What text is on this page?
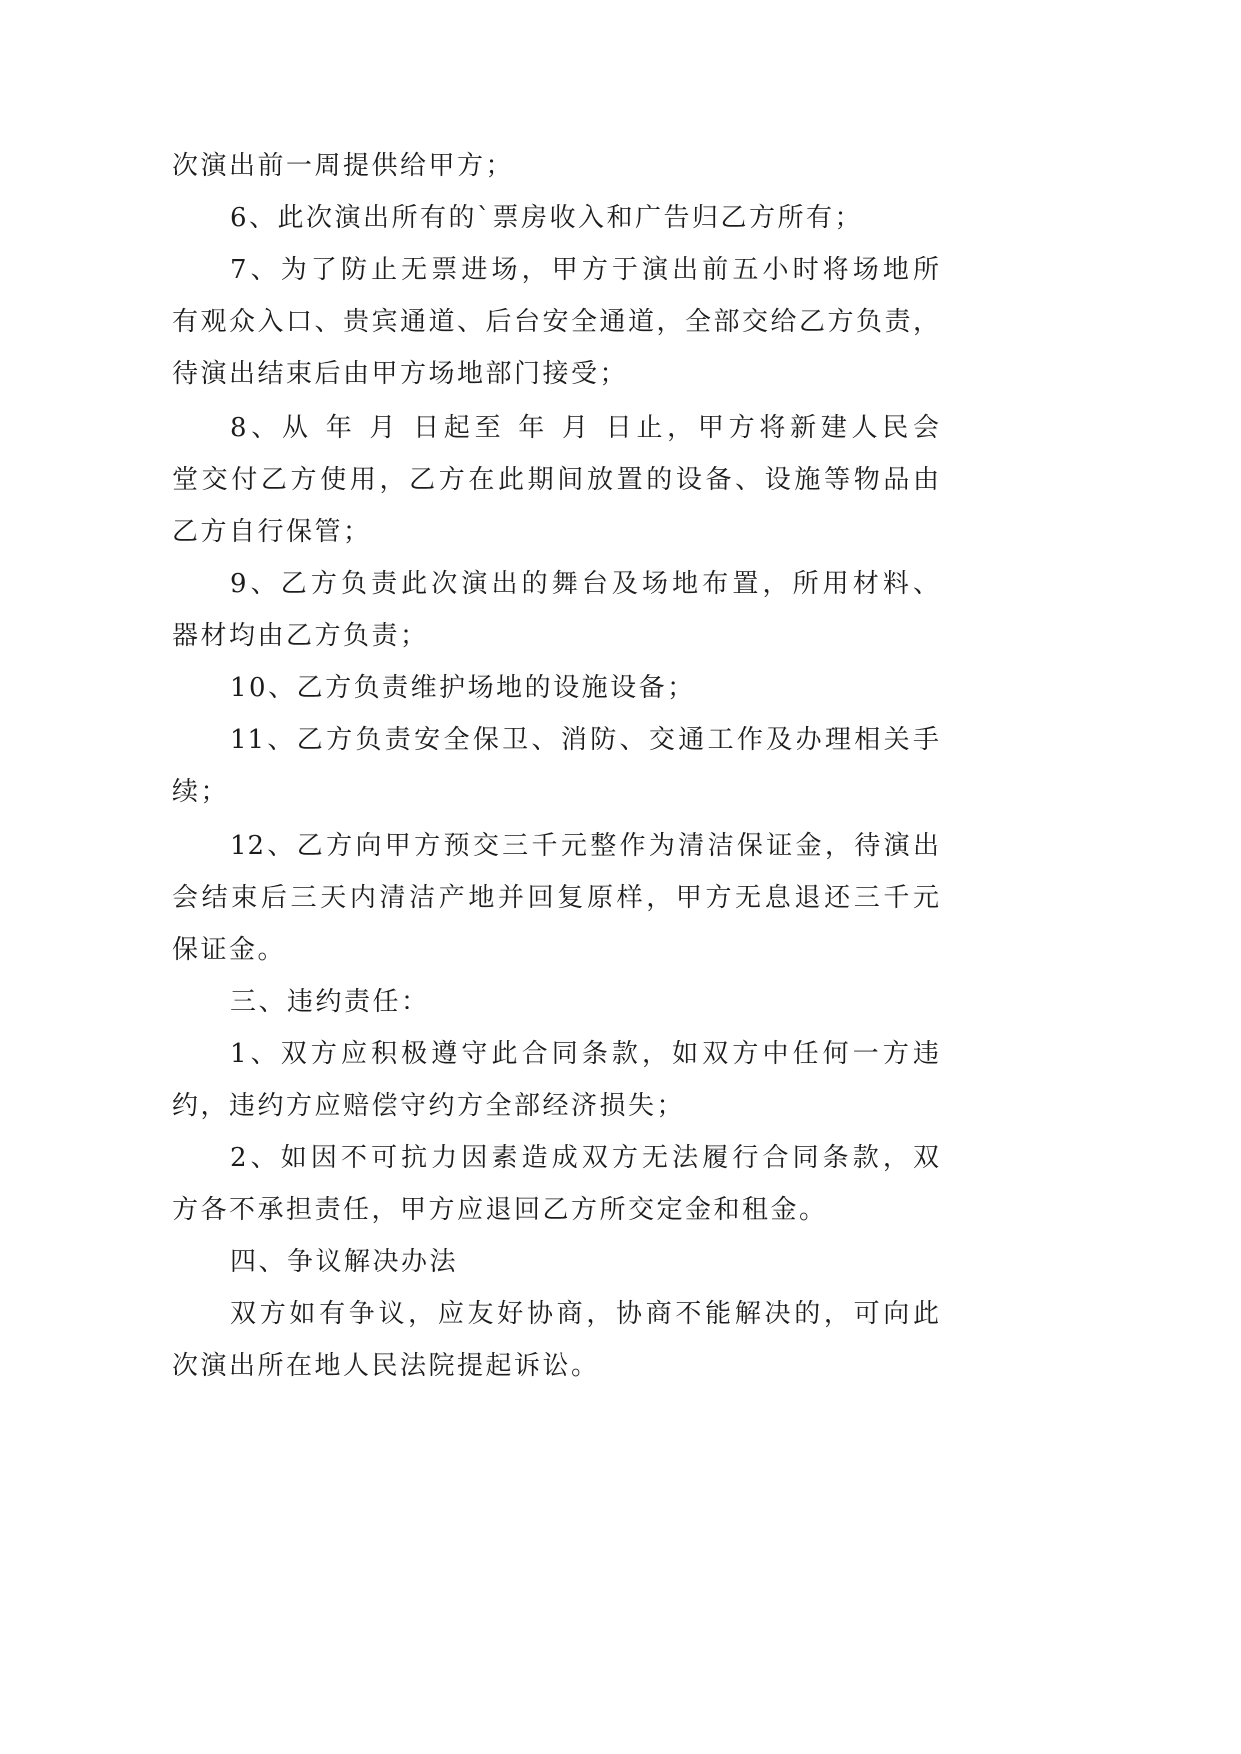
次演出前一周提供给甲方；
6、此次演出所有的`票房收入和广告归乙方所有；
7、为了防止无票进场，甲方于演出前五小时将场地所
有观众入口、贵宾通道、后台安全通道，全部交给乙方负责，
待演出结束后由甲方场地部门接受；
8、从 年 月 日起至 年 月 日止，甲方将新建人民会
堂交付乙方使用，乙方在此期间放置的设备、设施等物品由
乙方自行保管；
9、乙方负责此次演出的舞台及场地布置，所用材料、
器材均由乙方负责；
10、乙方负责维护场地的设施设备；
11、乙方负责安全保卫、消防、交通工作及办理相关手
续；
12、乙方向甲方预交三千元整作为清洁保证金，待演出
会结束后三天内清洁产地并回复原样，甲方无息退还三千元
保证金。
三、违约责任：
1、双方应积极遵守此合同条款，如双方中任何一方违
约，违约方应赔偿守约方全部经济损失；
2、如因不可抗力因素造成双方无法履行合同条款，双
方各不承担责任，甲方应退回乙方所交定金和租金。
四、争议解决办法
双方如有争议，应友好协商，协商不能解决的，可向此
次演出所在地人民法院提起诉讼。
